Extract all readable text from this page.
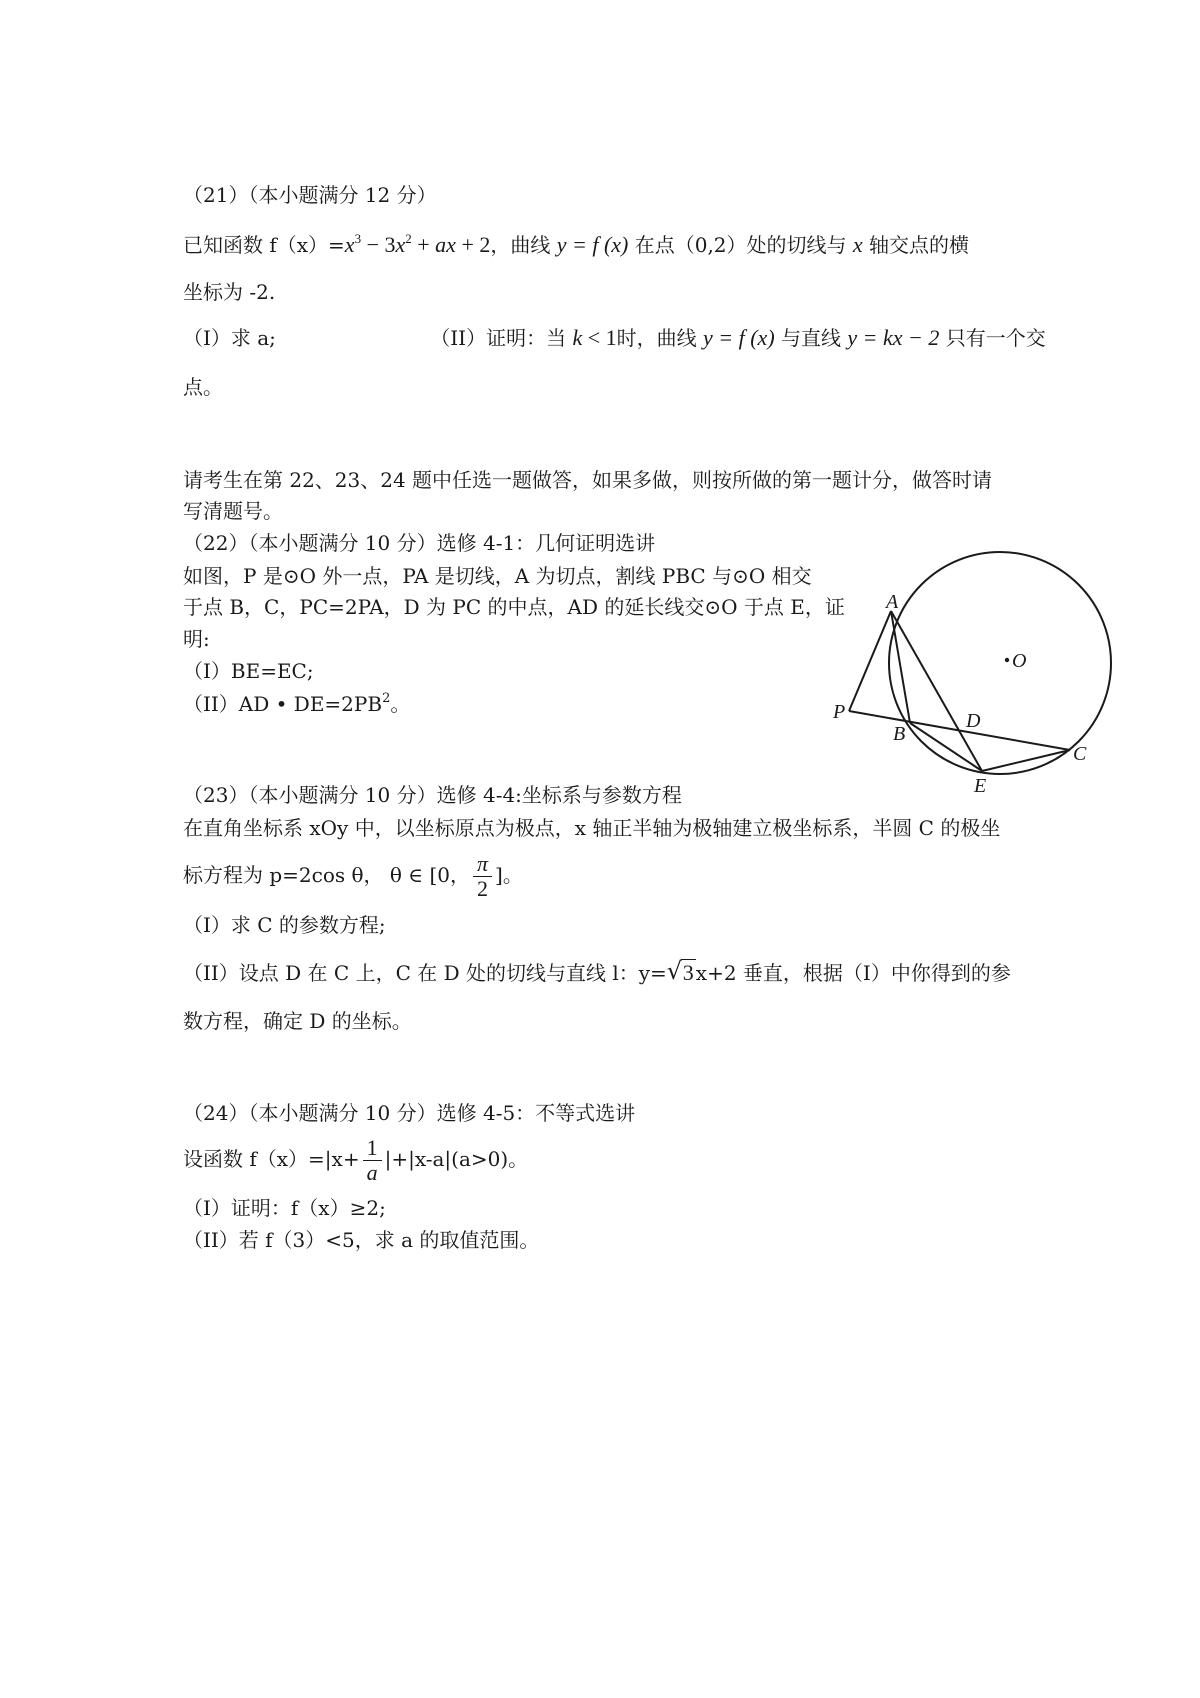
（21）（本小题满分 12 分）
已知函数 $f(x)=x^3 - 3x^2$ + ax + 2，曲线 y = f (x) 在点（0,2）处的切线与 x 轴交点的横
坐标为 -2.
（I）求 a;	（II）证明：当 k < 1时，曲线 y = f (x) 与直线 y = kx − 2 只有一个交
点。
请考生在第 22、23、24 题中任选一题做答，如果多做，则按所做的第一题计分，做答时请
写清题号。
（22）（本小题满分 10 分）选修 4-1：几何证明选讲
如图，P 是⊙O 外一点，PA 是切线，A 为切点，割线 PBC 与⊙O 相交
于点 B，C，PC=2PA，D 为 PC 的中点，AD 的延长线交⊙O 于点 E，证
明:
（I）BE=EC;
（II）AD • $DE=2PB^2$。
A
O
P
B
D
C
E
（23）（本小题满分 10 分）选修 4-4:坐标系与参数方程
在直角坐标系 xOy 中，以坐标原点为极点，x 轴正半轴为极轴建立极坐标系，半圆 C 的极坐
标方程为 p=2cos θ， θ ∈ [0， $\frac{\pi}{2}$ ]。
（I）求 C 的参数方程;
（II）设点 D 在 C 上，C 在 D 处的切线与直线 l：y= √ 3 x+2 垂直，根据（I）中你得到的参
数方程，确定 D 的坐标。
（24）（本小题满分 10 分）选修 4-5：不等式选讲
设函数 $f(x)=|x+ \frac{1}{a} |+|x-a|(a>0)$。
（I）证明：f（x）≥2;
（II）若 f（3）<5，求 a 的取值范围。
